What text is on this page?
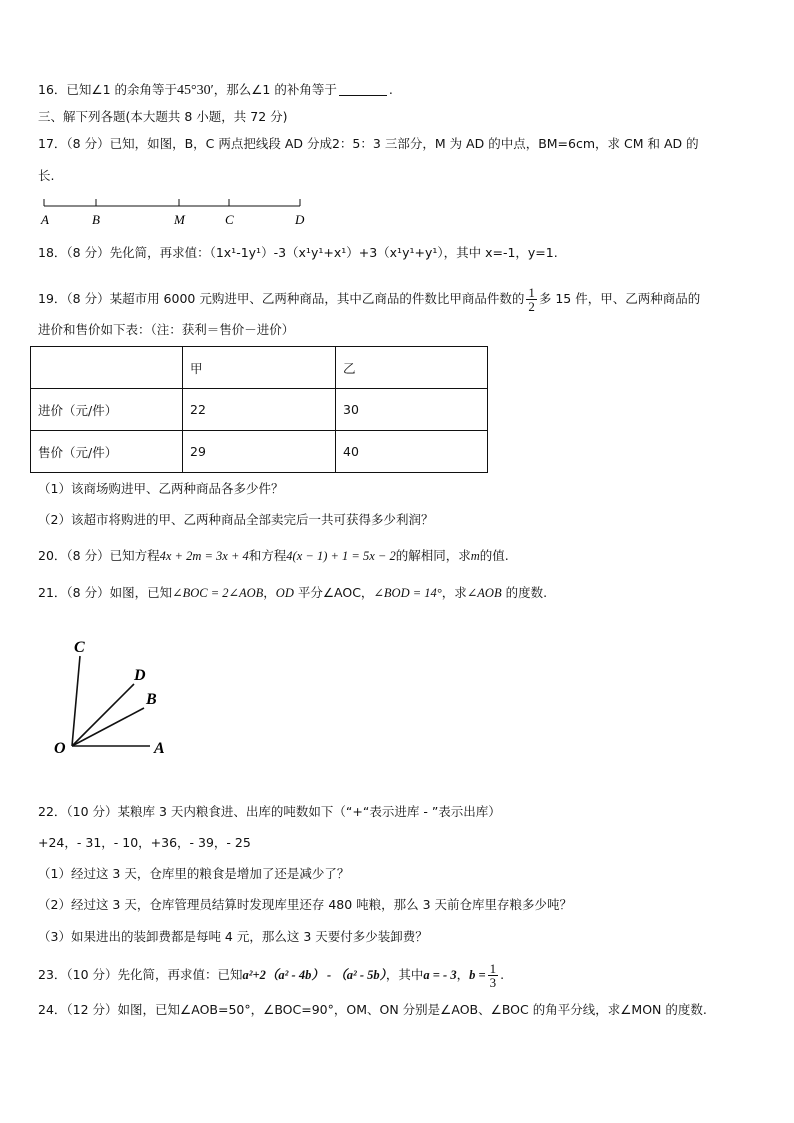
16．已知∠1 的余角等于45°30′，那么∠1 的补角等于	.
三、解下列各题(本大题共 8 小题，共 72 分)
17．（8 分）已知，如图，B，C 两点把线段 AD 分成2：5：3 三部分，M 为 AD 的中点，BM=6cm，求 CM 和 AD 的
长.
A	B	M	C	D
18．（8 分）先化简，再求值：（1x¹-1y¹）-3（x¹y¹+x¹）+3（x¹y¹+y¹），其中 x=-1，y=1.
19．（8 分）某超市用 6000 元购进甲、乙两种商品，其中乙商品的件数比甲商品件数的 $\frac{1}{2}$ 多 15 件，甲、乙两种商品的
进价和售价如下表：（注：获利＝售价－进价）
	甲	乙
进价（元/件）	22	30
售价（元/件）	29	40
（1）该商场购进甲、乙两种商品各多少件？
（2）该超市将购进的甲、乙两种商品全部卖完后一共可获得多少利润？
20．（8 分）已知方程4x + 2m = 3x + 4和方程4(x − 1) + 1 = 5x − 2的解相同，求m的值.
21．（8 分）如图，已知∠BOC = 2∠AOB，OD 平分∠AOC，∠BOD = 14°，求∠AOB 的度数.
C
D
B
O	A
22．（10 分）某粮库 3 天内粮食进、出库的吨数如下（“+“表示进库 - ”表示出库）
+24，- 31，- 10，+36，- 39，- 25
（1）经过这 3 天，仓库里的粮食是增加了还是减少了？
（2）经过这 3 天，仓库管理员结算时发现库里还存 480 吨粮，那么 3 天前仓库里存粮多少吨？
（3）如果进出的装卸费都是每吨 4 元，那么这 3 天要付多少装卸费？
23．（10 分）先化简，再求值：已知a²+2（a² - 4b） - （a² - 5b），其中a = - 3，$b = \frac{1}{3}$ .
24．（12 分）如图，已知∠AOB=50°，∠BOC=90°，OM、ON 分别是∠AOB、∠BOC 的角平分线，求∠MON 的度数.
